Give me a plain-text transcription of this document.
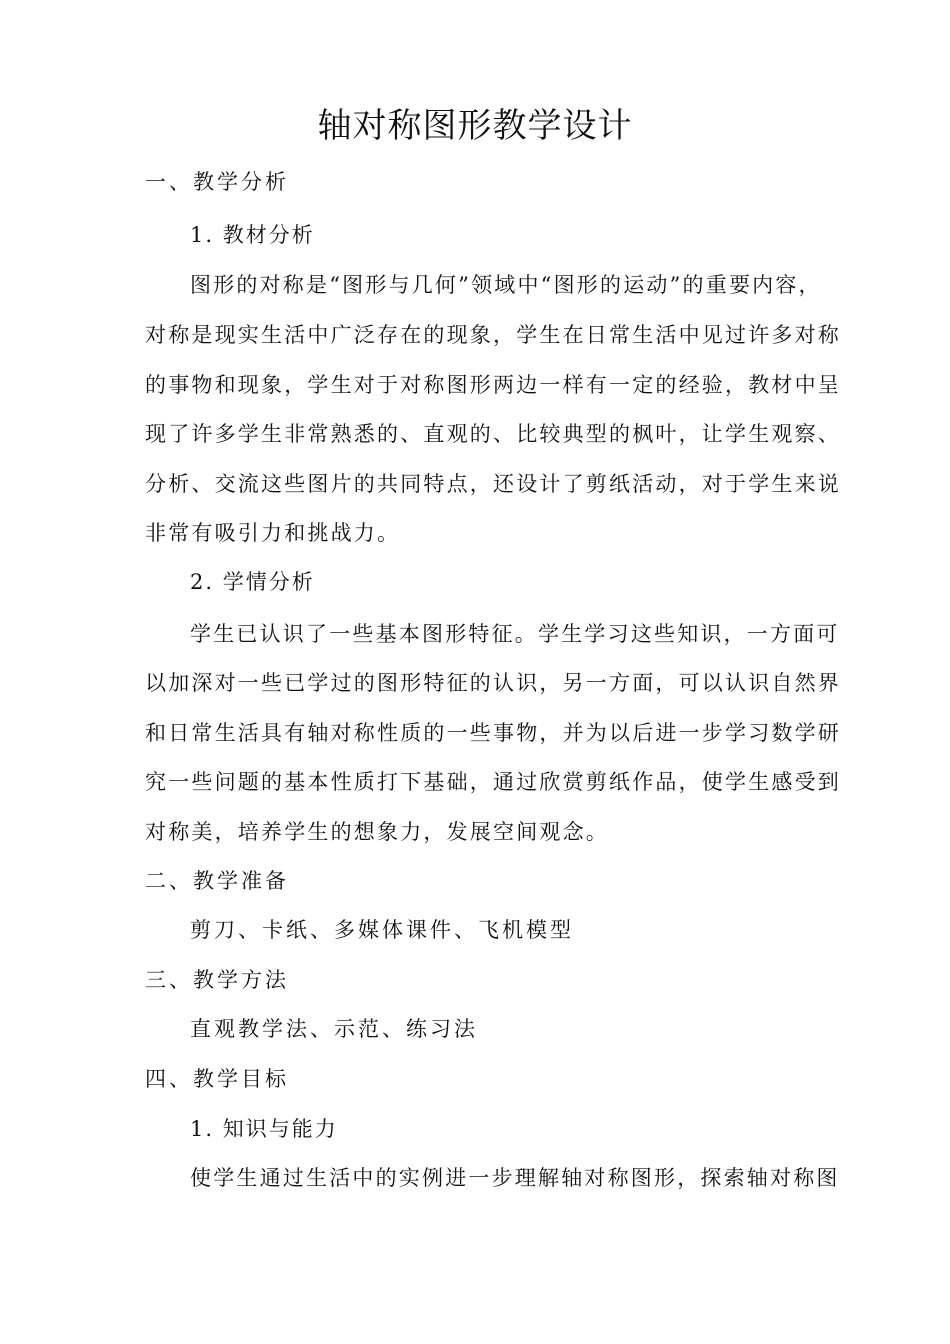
轴对称图形教学设计

一、教学分析

1. 教材分析

图形的对称是“图形与几何”领域中“图形的运动”的重要内容，

对称是现实生活中广泛存在的现象，学生在日常生活中见过许多对称

的事物和现象，学生对于对称图形两边一样有一定的经验，教材中呈

现了许多学生非常熟悉的、直观的、比较典型的枫叶，让学生观察、

分析、交流这些图片的共同特点，还设计了剪纸活动，对于学生来说

非常有吸引力和挑战力。

2. 学情分析

学生已认识了一些基本图形特征。学生学习这些知识，一方面可

以加深对一些已学过的图形特征的认识，另一方面，可以认识自然界

和日常生活具有轴对称性质的一些事物，并为以后进一步学习数学研

究一些问题的基本性质打下基础，通过欣赏剪纸作品，使学生感受到

对称美，培养学生的想象力，发展空间观念。

二、教学准备

剪刀、卡纸、多媒体课件、飞机模型

三、教学方法

直观教学法、示范、练习法

四、教学目标

1. 知识与能力

使学生通过生活中的实例进一步理解轴对称图形，探索轴对称图
